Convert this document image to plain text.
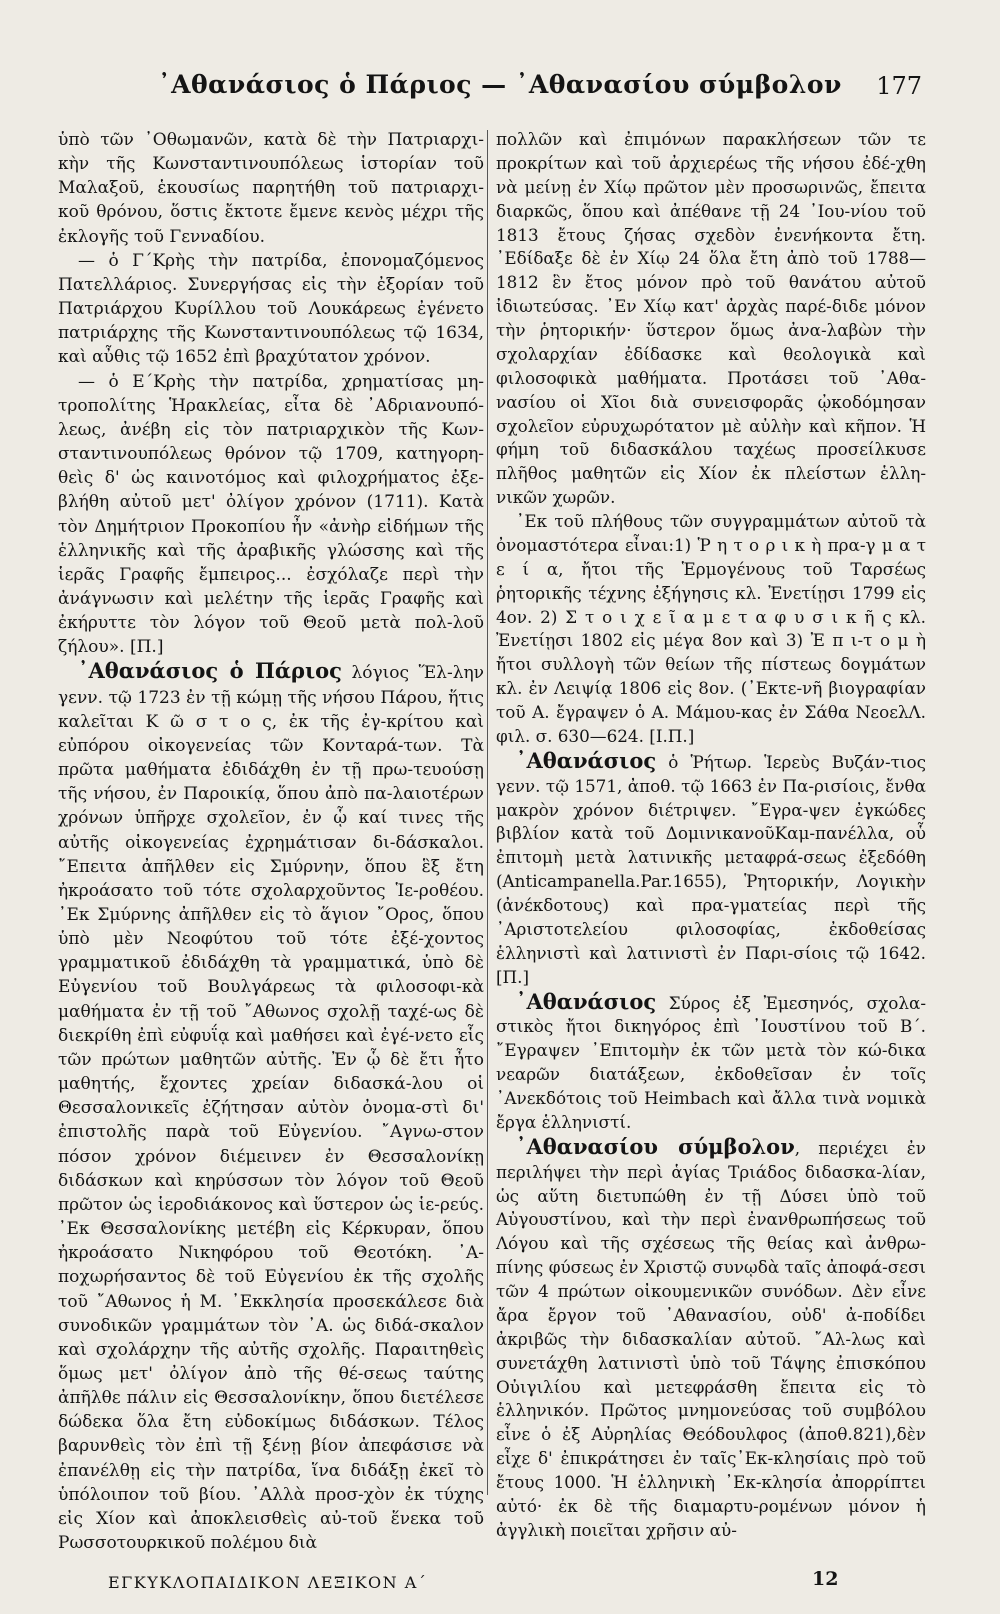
᾿Αθανάσιος ὁ Πάριος — ᾿Αθανασίου σύμβολον	177

ὑπὸ τῶν ᾿Οθωμανῶν, κατὰ δὲ τὴν Πατριαρχι-κὴν τῆς Κωνσταντινουπόλεως ἱστορίαν τοῦ Μαλαξοῦ, ἑκουσίως παρητήθη τοῦ πατριαρχι-κοῦ θρόνου, ὅστις ἔκτοτε ἔμενε κενὸς μέχρι τῆς ἐκλογῆς τοῦ Γενναδίου.

— ὁ Γ΄Κρὴς τὴν πατρίδα, ἐπονομαζόμενος Πατελλάριος. Συνεργήσας εἰς τὴν ἐξορίαν τοῦ Πατριάρχου Κυρίλλου τοῦ Λουκάρεως ἐγένετο πατριάρχης τῆς Κωνσταντινουπόλεως τῷ 1634, καὶ αὖθις τῷ 1652 ἐπὶ βραχύτατον χρόνον.

— ὁ Ε΄Κρὴς τὴν πατρίδα, χρηματίσας μη-τροπολίτης Ἡρακλείας, εἶτα δὲ ᾿Αδριανουπό-λεως, ἀνέβη εἰς τὸν πατριαρχικὸν τῆς Κων-σταντινουπόλεως θρόνον τῷ 1709, κατηγορη-θεὶς δ' ὡς καινοτόμος καὶ φιλοχρήματος ἐξε-βλήθη αὐτοῦ μετ' ὀλίγον χρόνον (1711). Κατὰ τὸν Δημήτριον Προκοπίου ἦν «ἀνὴρ εἰδήμων τῆς ἑλληνικῆς καὶ τῆς ἀραβικῆς γλώσσης καὶ τῆς ἱερᾶς Γραφῆς ἔμπειρος... ἐσχόλαζε περὶ τὴν ἀνάγνωσιν καὶ μελέτην τῆς ἱερᾶς Γραφῆς καὶ ἐκήρυττε τὸν λόγον τοῦ Θεοῦ μετὰ πολ-λοῦ ζήλου». [Π.]

᾿Αθανάσιος ὁ Πάριος λόγιος Ἕλ-λην γενν. τῷ 1723 ἐν τῇ κώμῃ τῆς νήσου Πάρου, ἥτις καλεῖται Κ ῶ σ τ ο ς, ἐκ τῆς ἐγ-κρίτου καὶ εὐπόρου οἰκογενείας τῶν Κονταρά-των. Τὰ πρῶτα μαθήματα ἐδιδάχθη ἐν τῇ πρω-τευούσῃ τῆς νήσου, ἐν Παροικίᾳ, ὅπου ἀπὸ πα-λαιοτέρων χρόνων ὑπῆρχε σχολεῖον, ἐν ᾧ καί τινες τῆς αὐτῆς οἰκογενείας ἐχρημάτισαν δι-δάσκαλοι. ῎Επειτα ἀπῆλθεν εἰς Σμύρνην, ὅπου ἓξ ἔτη ἠκροάσατο τοῦ τότε σχολαρχοῦντος Ἱε-ροθέου. ᾿Εκ Σμύρνης ἀπῆλθεν εἰς τὸ ἅγιον ῎Ορος, ὅπου ὑπὸ μὲν Νεοφύτου τοῦ τότε ἐξέ-χοντος γραμματικοῦ ἐδιδάχθη τὰ γραμματικά, ὑπὸ δὲ Εὐγενίου τοῦ Βουλγάρεως τὰ φιλοσοφι-κὰ μαθήματα ἐν τῇ τοῦ ῎Αθωνος σχολῇ ταχέ-ως δὲ διεκρίθη ἐπὶ εὐφυΐᾳ καὶ μαθήσει καὶ ἐγέ-νετο εἷς τῶν πρώτων μαθητῶν αὐτῆς. Ἐν ᾧ δὲ ἔτι ἦτο μαθητής, ἔχοντες χρείαν διδασκά-λου οἱ Θεσσαλονικεῖς ἐζήτησαν αὐτὸν ὀνομα-στὶ δι' ἐπιστολῆς παρὰ τοῦ Εὐγενίου. ῎Αγνω-στον πόσον χρόνον διέμεινεν ἐν Θεσσαλονίκῃ διδάσκων καὶ κηρύσσων τὸν λόγον τοῦ Θεοῦ πρῶτον ὡς ἱεροδιάκονος καὶ ὕστερον ὡς ἱε-ρεύς. ᾿Εκ Θεσσαλονίκης μετέβη εἰς Κέρκυραν, ὅπου ἠκροάσατο Νικηφόρου τοῦ Θεοτόκη. ᾿Α-ποχωρήσαντος δὲ τοῦ Εὐγενίου ἐκ τῆς σχολῆς τοῦ ῎Αθωνος ἡ Μ. ᾿Εκκλησία προσεκάλεσε διὰ συνοδικῶν γραμμάτων τὸν ᾿Α. ὡς διδά-σκαλον καὶ σχολάρχην τῆς αὐτῆς σχολῆς. Παραιτηθεὶς ὅμως μετ' ὀλίγον ἀπὸ τῆς θέ-σεως ταύτης ἀπῆλθε πάλιν εἰς Θεσσαλονίκην, ὅπου διετέλεσε δώδεκα ὅλα ἔτη εὐδοκίμως διδάσκων. Τέλος βαρυνθεὶς τὸν ἐπὶ τῇ ξένῃ βίον ἀπεφάσισε νὰ ἐπανέλθῃ εἰς τὴν πατρίδα, ἵνα διδάξῃ ἐκεῖ τὸ ὑπόλοιπον τοῦ βίου. ᾿Αλλὰ προσ-χὸν ἐκ τύχης εἰς Χίον καὶ ἀποκλεισθεὶς αὐ-τοῦ ἕνεκα τοῦ Ρωσσοτουρκικοῦ πολέμου διὰ

πολλῶν καὶ ἐπιμόνων παρακλήσεων τῶν τε προκρίτων καὶ τοῦ ἀρχιερέως τῆς νήσου ἐδέ-χθη νὰ μείνῃ ἐν Χίῳ πρῶτον μὲν προσωρινῶς, ἔπειτα διαρκῶς, ὅπου καὶ ἀπέθανε τῇ 24 ᾿Ιου-νίου τοῦ 1813 ἔτους ζήσας σχεδὸν ἐνενήκοντα ἔτη. ᾿Εδίδαξε δὲ ἐν Χίῳ 24 ὅλα ἔτη ἀπὸ τοῦ 1788—1812 ἓν ἔτος μόνον πρὸ τοῦ θανάτου αὐτοῦ ἰδιωτεύσας. ᾿Εν Χίῳ κατ' ἀρχὰς παρέ-διδε μόνον τὴν ῥητορικήν· ὕστερον ὅμως ἀνα-λαβὼν τὴν σχολαρχίαν ἐδίδασκε καὶ θεολογικὰ καὶ φιλοσοφικὰ μαθήματα. Προτάσει τοῦ ᾿Αθα-νασίου οἱ Χῖοι διὰ συνεισφορᾶς ᾠκοδόμησαν σχολεῖον εὐρυχωρότατον μὲ αὐλὴν καὶ κῆπον. Ἡ φήμη τοῦ διδασκάλου ταχέως προσείλκυσε πλῆθος μαθητῶν εἰς Χίον ἐκ πλείστων ἑλλη-νικῶν χωρῶν.

᾿Εκ τοῦ πλήθους τῶν συγγραμμάτων αὐτοῦ τὰ ὀνομαστότερα εἶναι:1) Ῥ η τ ο ρ ι κ ὴ πρα-γ μ α τ ε ί α, ἤτοι τῆς Ἑρμογένους τοῦ Ταρσέως ῥητορικῆς τέχνης ἐξήγησις κλ. Ἐνετίῃσι 1799 εἰς 4ον. 2) Σ τ ο ι χ ε ῖ α μ ε τ α φ υ σ ι κ ῆ ς κλ. Ἐνετίῃσι 1802 εἰς μέγα 8ον καὶ 3) Ἐ π ι-τ ο μ ὴ ἤτοι συλλογὴ τῶν θείων τῆς πίστεως δογμάτων κλ. ἐν Λειψίᾳ 1806 εἰς 8ον. (᾿Εκτε-νῆ βιογραφίαν τοῦ Α. ἔγραψεν ὁ Α. Μάμου-κας ἐν Σάθα ΝεοελΛ. φιλ. σ. 630—624. [Ι.Π.]

᾿Αθανάσιος ὁ Ῥήτωρ. Ἱερεὺς Βυζάν-τιος γενν. τῷ 1571, ἀποθ. τῷ 1663 ἐν Πα-ρισίοις, ἔνθα μακρὸν χρόνον διέτριψεν. ῎Εγρα-ψεν ἐγκώδες βιβλίον κατὰ τοῦ ΔομινικανοῦΚαμ-πανέλλα, οὗ ἐπιτομὴ μετὰ λατινικῆς μεταφρά-σεως ἐξεδόθη (Anticampanella.Par.1655), Ῥητορικήν, Λογικὴν (ἀνέκδοτους) καὶ πρα-γματείας περὶ τῆς ᾿Αριστοτελείου φιλοσοφίας, ἐκδοθείσας ἑλληνιστὶ καὶ λατινιστὶ ἐν Παρι-σίοις τῷ 1642. [Π.]

᾿Αθανάσιος Σύρος ἐξ Ἐμεσηνός, σχολα-στικὸς ἤτοι δικηγόρος ἐπὶ ᾿Ιουστίνου τοῦ Β΄. ῎Εγραψεν ᾿Επιτομὴν ἐκ τῶν μετὰ τὸν κώ-δικα νεαρῶν διατάξεων, ἐκδοθεῖσαν ἐν τοῖς ᾿Ανεκδότοις τοῦ Heimbach καὶ ἄλλα τινὰ νομικὰ ἔργα ἑλληνιστί.

᾿Αθανασίου σύμβολον, περιέχει ἐν περιλήψει τὴν περὶ ἁγίας Τριάδος διδασκα-λίαν, ὡς αὕτη διετυπώθη ἐν τῇ Δύσει ὑπὸ τοῦ Αὐγουστίνου, καὶ τὴν περὶ ἐνανθρωπήσεως τοῦ Λόγου καὶ τῆς σχέσεως τῆς θείας καὶ ἀνθρω-πίνης φύσεως ἐν Χριστῷ συνῳδὰ ταῖς ἀποφά-σεσι τῶν 4 πρώτων οἰκουμενικῶν συνόδων. Δὲν εἶνε ἄρα ἔργον τοῦ ᾿Αθανασίου, οὐδ' ἀ-ποδίδει ἀκριβῶς τὴν διδασκαλίαν αὐτοῦ. ῎Αλ-λως καὶ συνετάχθη λατινιστὶ ὑπὸ τοῦ Τάψης ἐπισκόπου Οὐιγιλίου καὶ μετεφράσθη ἔπειτα εἰς τὸ ἑλληνικόν. Πρῶτος μνημονεύσας τοῦ συμβόλου εἶνε ὁ ἐξ Αὐρηλίας Θεόδουλφος (ἀποθ.821),δὲν εἶχε δ' ἐπικράτησει ἐν ταῖς᾿Εκ-κλησίαις πρὸ τοῦ ἔτους 1000. Ἡ ἑλληνικὴ ᾿Εκ-κλησία ἀπορρίπτει αὐτό· ἐκ δὲ τῆς διαμαρτυ-ρομένων μόνον ἡ ἀγγλικὴ ποιεῖται χρῆσιν αὐ-

ΕΓΚΥΚΛΟΠΑΙΔΙΚΟΝ ΛΕΞΙΚΟΝ Α΄	12
